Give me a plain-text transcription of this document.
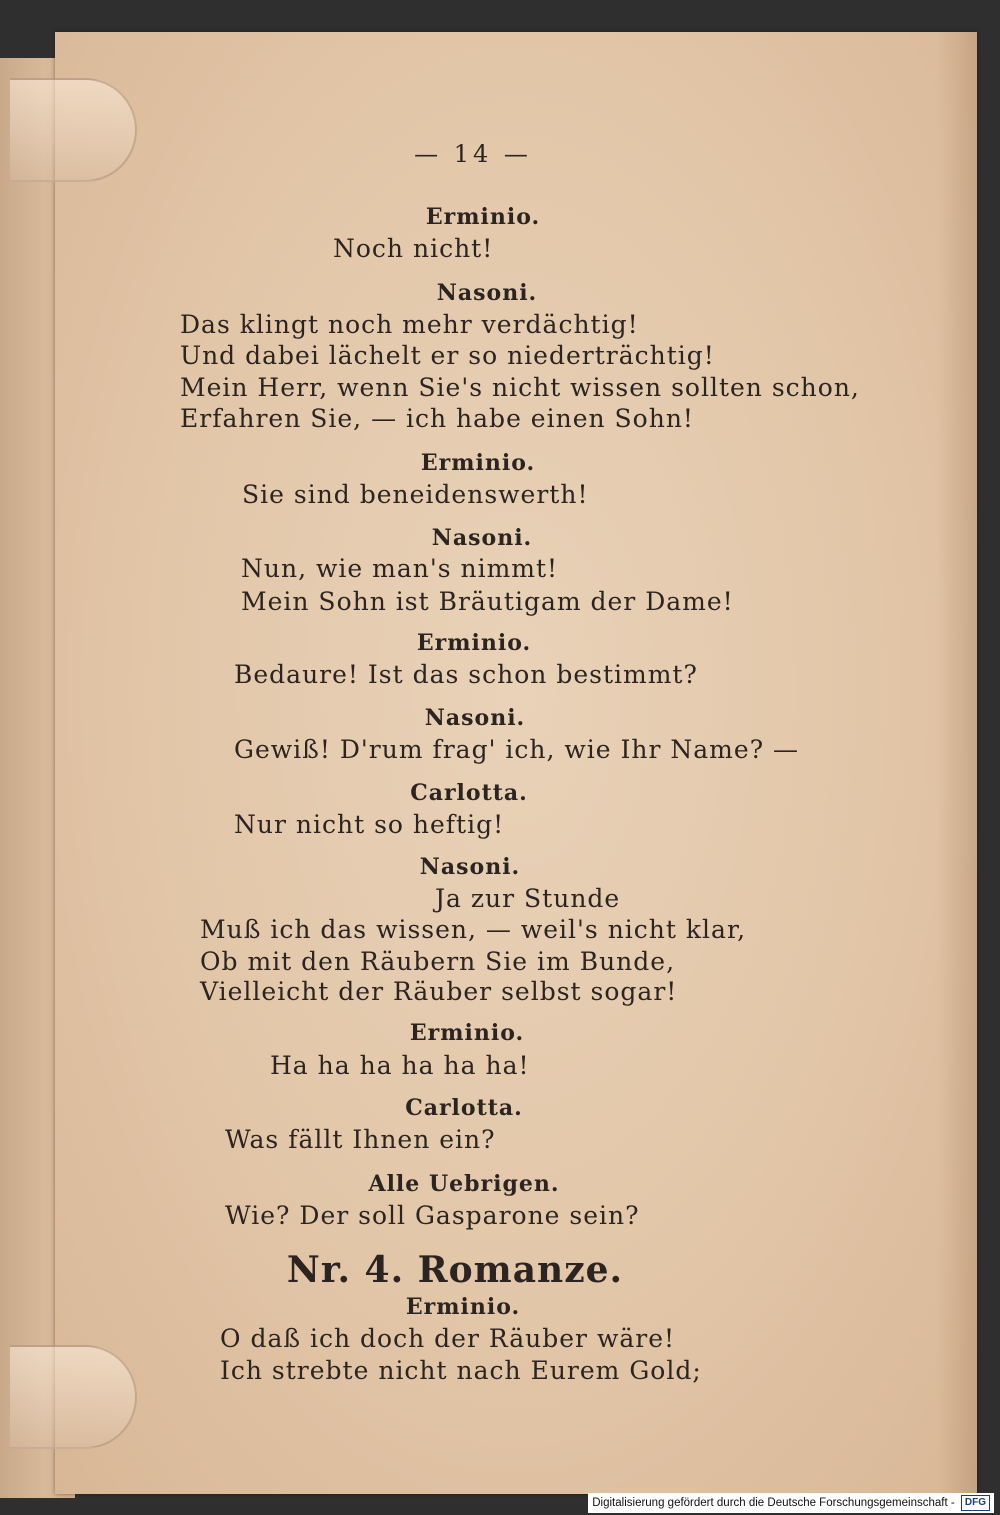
— 14 —
Erminio.
Noch nicht!
Nasoni.
Das klingt noch mehr verdächtig!
Und dabei lächelt er so niederträchtig!
Mein Herr, wenn Sie's nicht wissen sollten schon,
Erfahren Sie, — ich habe einen Sohn!
Erminio.
Sie sind beneidenswerth!
Nasoni.
Nun, wie man's nimmt!
Mein Sohn ist Bräutigam der Dame!
Erminio.
Bedaure! Ist das schon bestimmt?
Nasoni.
Gewiß! D'rum frag' ich, wie Ihr Name? —
Carlotta.
Nur nicht so heftig!
Nasoni.
Ja zur Stunde
Muß ich das wissen, — weil's nicht klar,
Ob mit den Räubern Sie im Bunde,
Vielleicht der Räuber selbst sogar!
Erminio.
Ha ha ha ha ha ha!
Carlotta.
Was fällt Ihnen ein?
Alle Uebrigen.
Wie? Der soll Gasparone sein?
Nr. 4. Romanze.
Erminio.
O daß ich doch der Räuber wäre!
Ich strebte nicht nach Eurem Gold;
Digitalisierung gefördert durch die Deutsche Forschungsgemeinschaft - DFG
